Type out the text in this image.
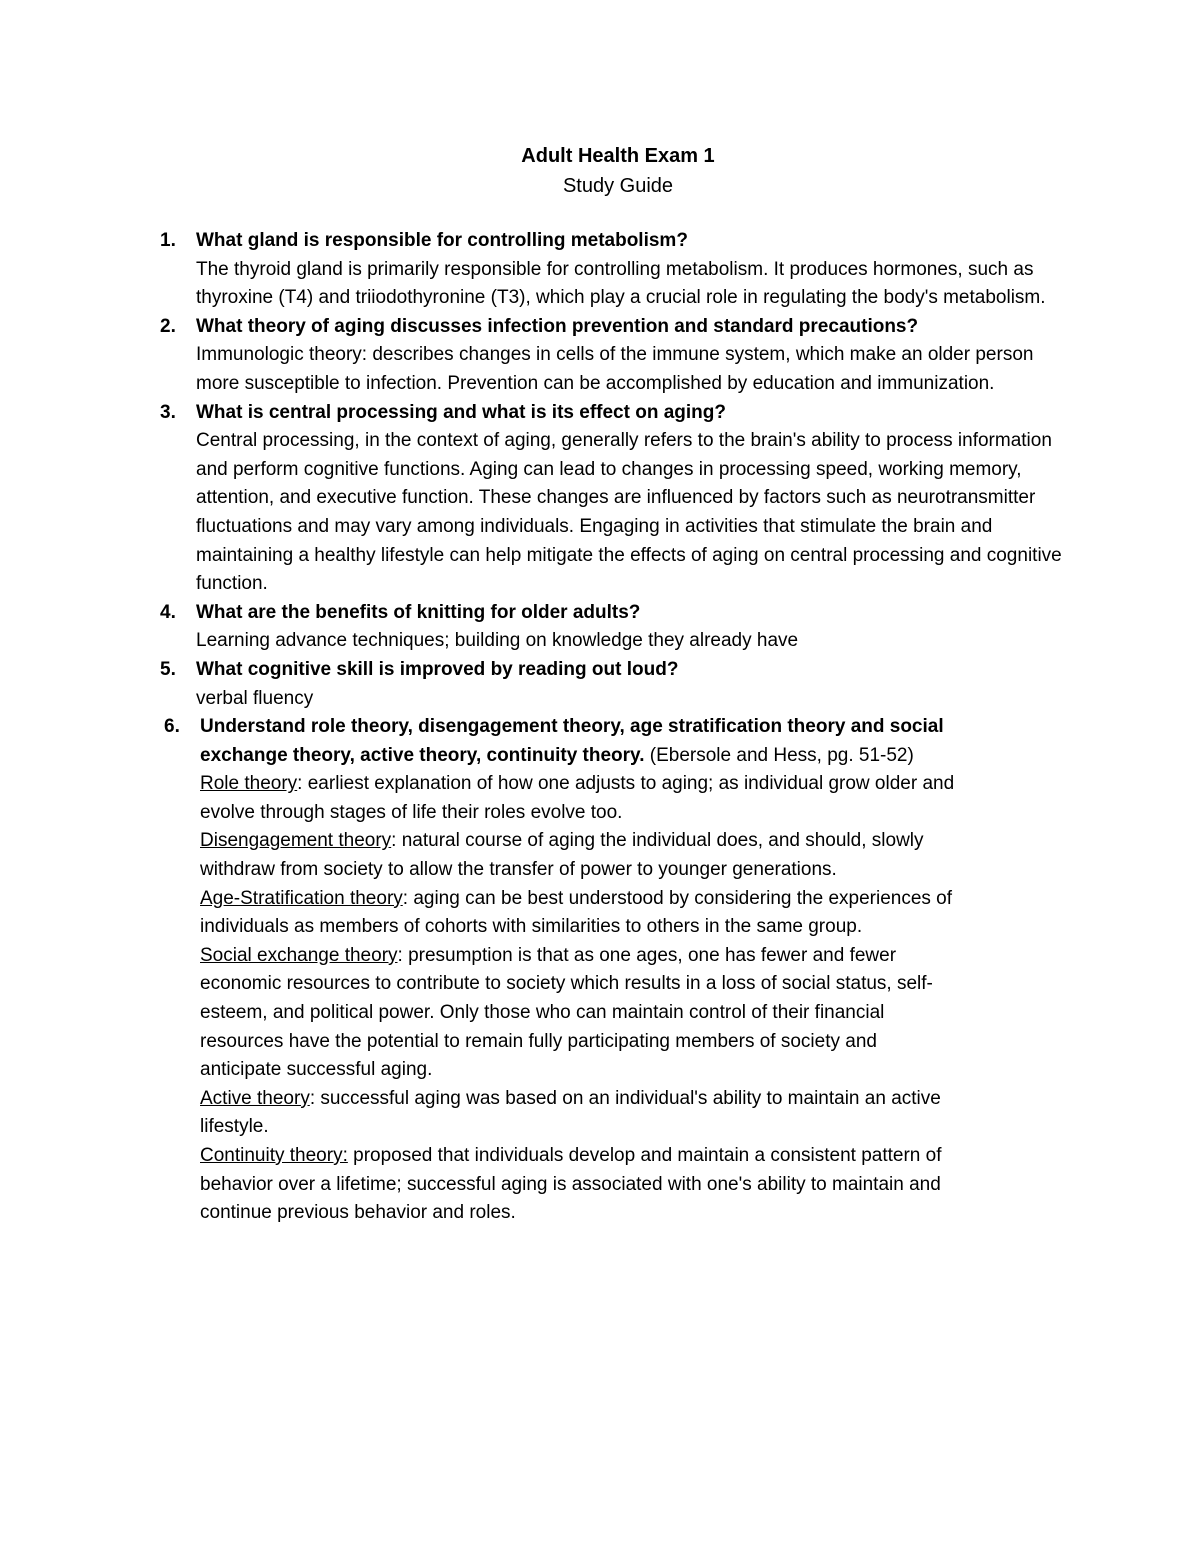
Adult Health Exam 1
Study Guide
1. What gland is responsible for controlling metabolism?
The thyroid gland is primarily responsible for controlling metabolism. It produces hormones, such as thyroxine (T4) and triiodothyronine (T3), which play a crucial role in regulating the body's metabolism.
2. What theory of aging discusses infection prevention and standard precautions?
Immunologic theory: describes changes in cells of the immune system, which make an older person more susceptible to infection. Prevention can be accomplished by education and immunization.
3. What is central processing and what is its effect on aging?
Central processing, in the context of aging, generally refers to the brain's ability to process information and perform cognitive functions. Aging can lead to changes in processing speed, working memory, attention, and executive function. These changes are influenced by factors such as neurotransmitter fluctuations and may vary among individuals. Engaging in activities that stimulate the brain and maintaining a healthy lifestyle can help mitigate the effects of aging on central processing and cognitive function.
4. What are the benefits of knitting for older adults?
Learning advance techniques; building on knowledge they already have
5. What cognitive skill is improved by reading out loud?
verbal fluency
6. Understand role theory, disengagement theory, age stratification theory and social exchange theory, active theory, continuity theory. (Ebersole and Hess, pg. 51-52)
Role theory: earliest explanation of how one adjusts to aging; as individual grow older and evolve through stages of life their roles evolve too.
Disengagement theory: natural course of aging the individual does, and should, slowly withdraw from society to allow the transfer of power to younger generations.
Age-Stratification theory: aging can be best understood by considering the experiences of individuals as members of cohorts with similarities to others in the same group.
Social exchange theory: presumption is that as one ages, one has fewer and fewer economic resources to contribute to society which results in a loss of social status, self-esteem, and political power. Only those who can maintain control of their financial resources have the potential to remain fully participating members of society and anticipate successful aging.
Active theory: successful aging was based on an individual's ability to maintain an active lifestyle.
Continuity theory: proposed that individuals develop and maintain a consistent pattern of behavior over a lifetime; successful aging is associated with one's ability to maintain and continue previous behavior and roles.
